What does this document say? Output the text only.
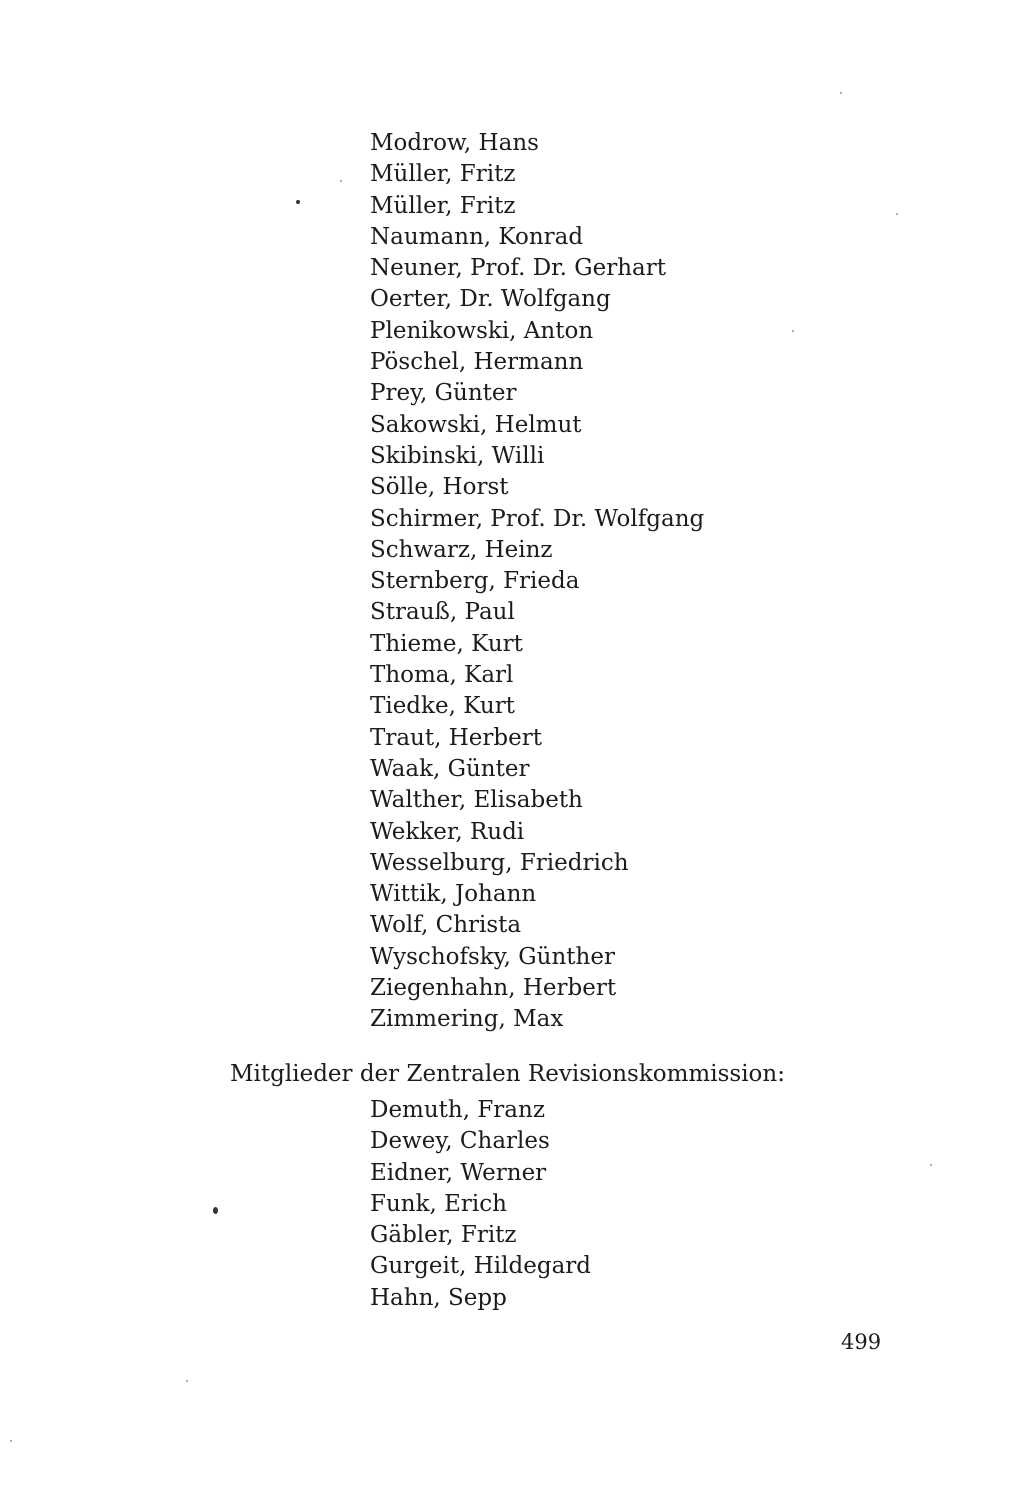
Modrow, Hans
Müller, Fritz
Müller, Fritz
Naumann, Konrad
Neuner, Prof. Dr. Gerhart
Oerter, Dr. Wolfgang
Plenikowski, Anton
Pöschel, Hermann
Prey, Günter
Sakowski, Helmut
Skibinski, Willi
Sölle, Horst
Schirmer, Prof. Dr. Wolfgang
Schwarz, Heinz
Sternberg, Frieda
Strauß, Paul
Thieme, Kurt
Thoma, Karl
Tiedke, Kurt
Traut, Herbert
Waak, Günter
Walther, Elisabeth
Wekker, Rudi
Wesselburg, Friedrich
Wittik, Johann
Wolf, Christa
Wyschofsky, Günther
Ziegenhahn, Herbert
Zimmering, Max
Mitglieder der Zentralen Revisionskommission:
Demuth, Franz
Dewey, Charles
Eidner, Werner
Funk, Erich
Gäbler, Fritz
Gurgeit, Hildegard
Hahn, Sepp
499
